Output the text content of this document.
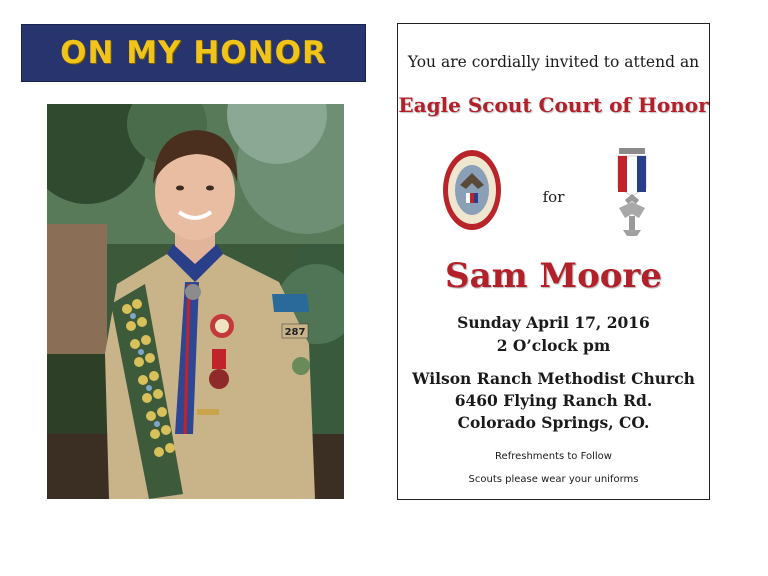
ON MY HONOR
287
You are cordially invited to attend an
Eagle Scout Court of Honor
for
Sam Moore
Sunday April 17, 2016
2 O’clock pm
Wilson Ranch Methodist Church
6460 Flying Ranch Rd.
Colorado Springs, CO.
Refreshments to Follow
Scouts please wear your uniforms
